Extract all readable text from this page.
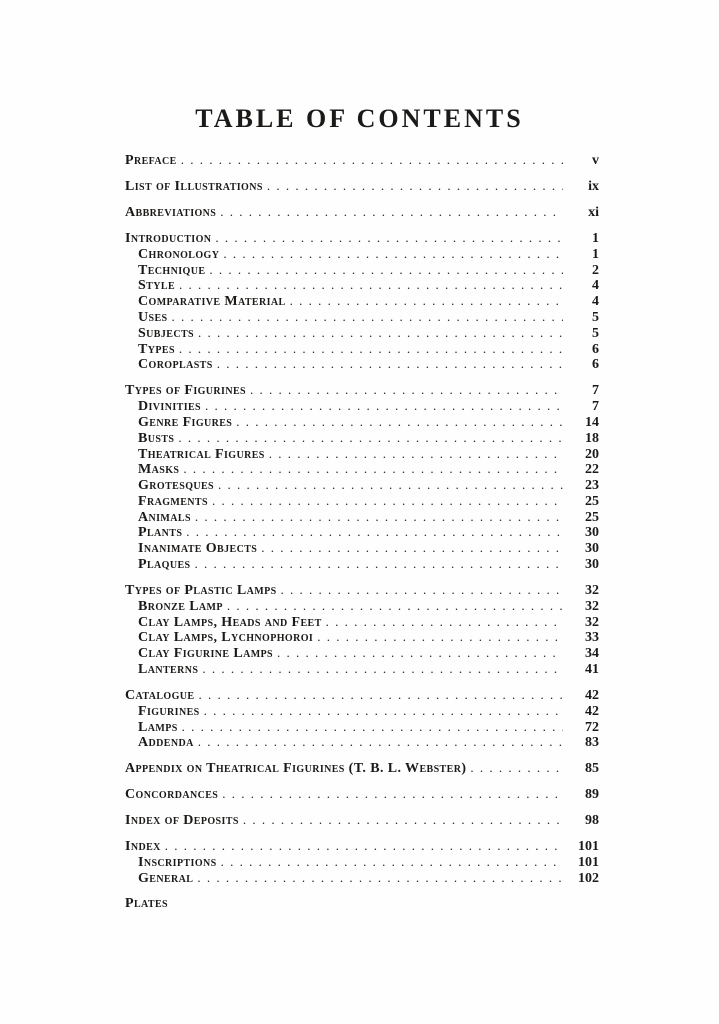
TABLE OF CONTENTS
Preface . . .	v
List of Illustrations . . .	ix
Abbreviations . . .	xi
Introduction . . .	1
Chronology . . .	1
Technique . . .	2
Style . . .	4
Comparative Material . . .	4
Uses . . .	5
Subjects . . .	5
Types . . .	6
Coroplasts . . .	6
Types of Figurines . . .	7
Divinities . . .	7
Genre Figures . . .	14
Busts . . .	18
Theatrical Figures . . .	20
Masks . . .	22
Grotesques . . .	23
Fragments . . .	25
Animals . . .	25
Plants . . .	30
Inanimate Objects . . .	30
Plaques . . .	30
Types of Plastic Lamps . . .	32
Bronze Lamp . . .	32
Clay Lamps, Heads and Feet . . .	32
Clay Lamps, Lychnophoroi . . .	33
Clay Figurine Lamps . . .	34
Lanterns . . .	41
Catalogue . . .	42
Figurines . . .	42
Lamps . . .	72
Addenda . . .	83
Appendix on Theatrical Figurines (T. B. L. Webster) . . .	85
Concordances . . .	89
Index of Deposits . . .	98
Index . . .	101
Inscriptions . . .	101
General . . .	102
Plates
